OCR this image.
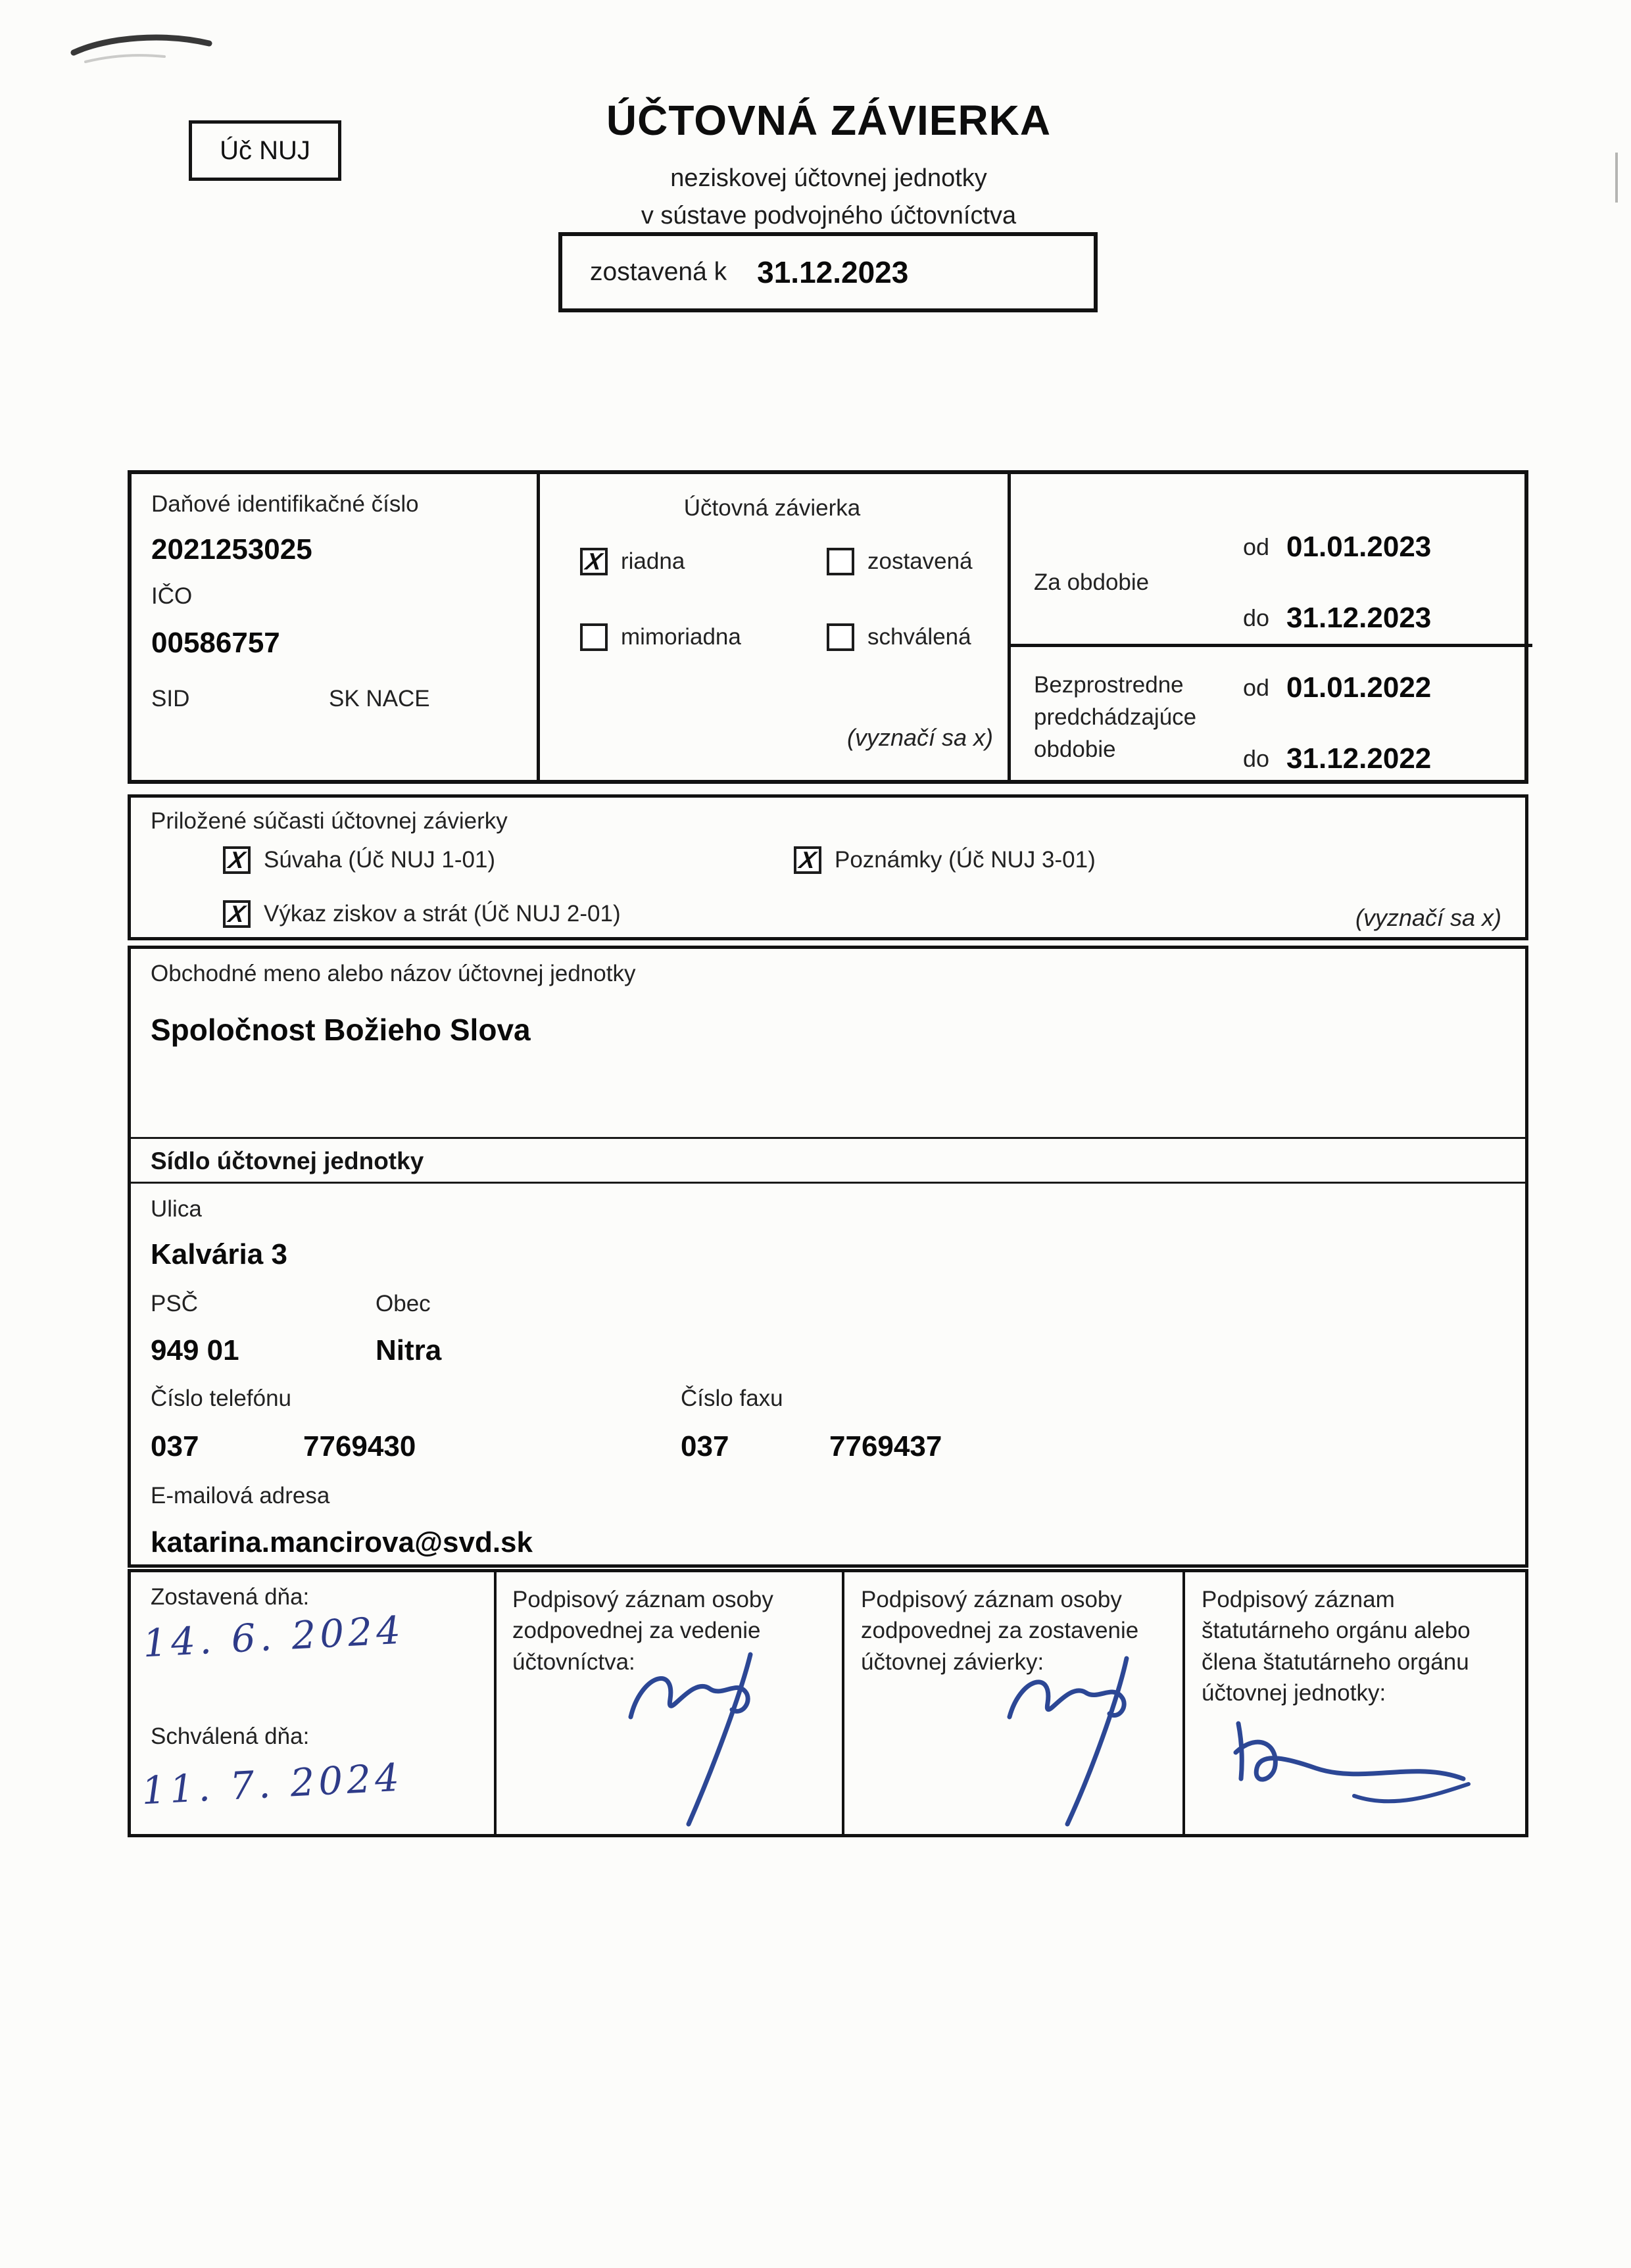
Úč NUJ
ÚČTOVNÁ ZÁVIERKA
neziskovej účtovnej jednotky
v sústave podvojného účtovníctva
zostavená k 31.12.2023
Daňové identifikačné číslo
2021253025
IČO
00586757
SID	SK NACE
Účtovná závierka
X riadna	zostavená
mimoriadna	schválená
(vyznačí sa x)
Za obdobie
od 01.01.2023
do 31.12.2023
Bezprostredne predchádzajúce obdobie
od 01.01.2022
do 31.12.2022
Priložené súčasti účtovnej závierky
X Súvaha (Úč NUJ 1-01)	X Poznámky (Úč NUJ 3-01)
X Výkaz ziskov a strát (Úč NUJ 2-01)	(vyznačí sa x)
Obchodné meno alebo názov účtovnej jednotky
Spoločnost Božieho Slova
Sídlo účtovnej jednotky
Ulica
Kalvária 3
PSČ	Obec
949 01	Nitra
Číslo telefónu	Číslo faxu
037	7769430	037	7769437
E-mailová adresa
katarina.mancirova@svd.sk
Zostavená dňa:
14. 6. 2024
Schválená dňa:
11. 7. 2024
Podpisový záznam osoby zodpovednej za vedenie účtovníctva:
Podpisový záznam osoby zodpovednej za zostavenie účtovnej závierky:
Podpisový záznam štatutárneho orgánu alebo člena štatutárneho orgánu účtovnej jednotky:
